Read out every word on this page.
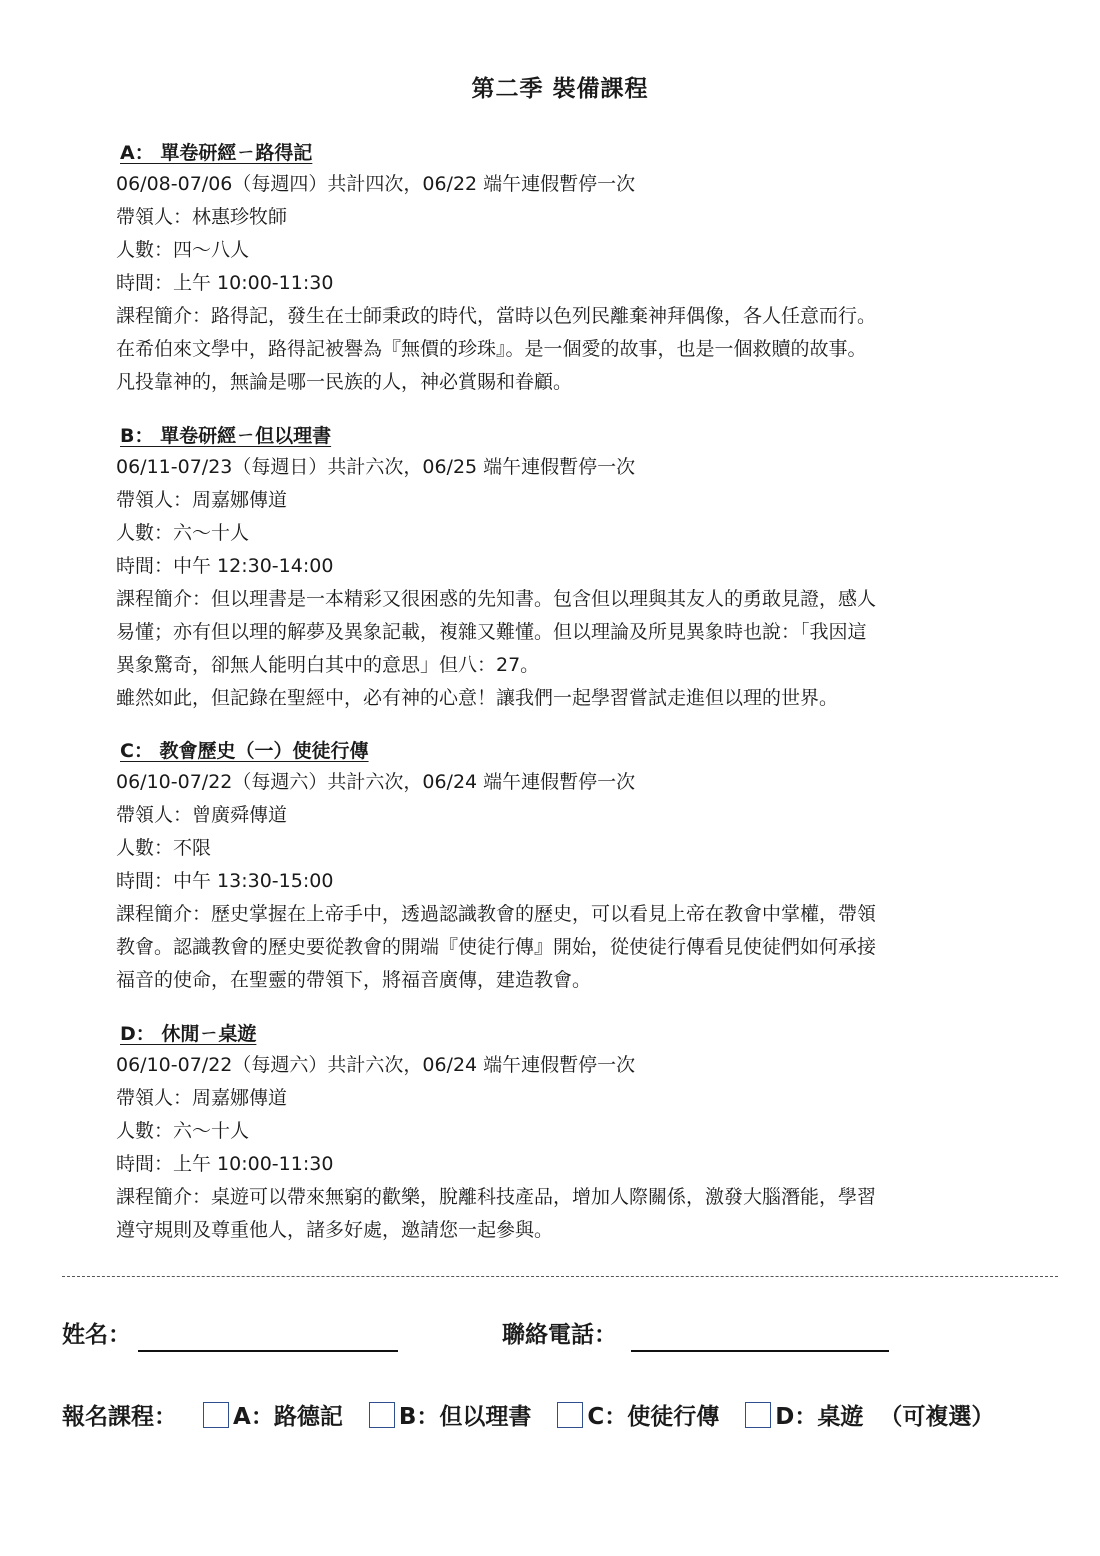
第二季 裝備課程
A： 單卷研經ㄧ路得記
06/08-07/06（每週四）共計四次，06/22 端午連假暫停一次
帶領人：林惠珍牧師
人數：四～八人
時間：上午 10:00-11:30
課程簡介：路得記，發生在士師秉政的時代，當時以色列民離棄神拜偶像，各人任意而行。
在希伯來文學中，路得記被譽為『無價的珍珠』。是一個愛的故事，也是一個救贖的故事。
凡投靠神的，無論是哪一民族的人，神必賞賜和眷顧。
B： 單卷研經ㄧ但以理書
06/11-07/23（每週日）共計六次，06/25 端午連假暫停一次
帶領人：周嘉娜傳道
人數：六～十人
時間：中午 12:30-14:00
課程簡介：但以理書是一本精彩又很困惑的先知書。包含但以理與其友人的勇敢見證，感人
易懂；亦有但以理的解夢及異象記載，複雜又難懂。但以理論及所見異象時也說：「我因這
異象驚奇，卻無人能明白其中的意思」但八：27。
雖然如此，但記錄在聖經中，必有神的心意！讓我們一起學習嘗試走進但以理的世界。
C： 教會歷史（一）使徒行傳
06/10-07/22（每週六）共計六次，06/24 端午連假暫停一次
帶領人：曾廣舜傳道
人數：不限
時間：中午 13:30-15:00
課程簡介：歷史掌握在上帝手中，透過認識教會的歷史，可以看見上帝在教會中掌權，帶領
教會。認識教會的歷史要從教會的開端『使徒行傳』開始，從使徒行傳看見使徒們如何承接
福音的使命，在聖靈的帶領下，將福音廣傳，建造教會。
D： 休閒ㄧ桌遊
06/10-07/22（每週六）共計六次，06/24 端午連假暫停一次
帶領人：周嘉娜傳道
人數：六～十人
時間：上午 10:00-11:30
課程簡介：桌遊可以帶來無窮的歡樂，脫離科技產品，增加人際關係，激發大腦潛能，學習
遵守規則及尊重他人，諸多好處，邀請您一起參與。
姓名：	聯絡電話：
報名課程： A：路德記 B：但以理書 C：使徒行傳 D：桌遊 （可複選）
